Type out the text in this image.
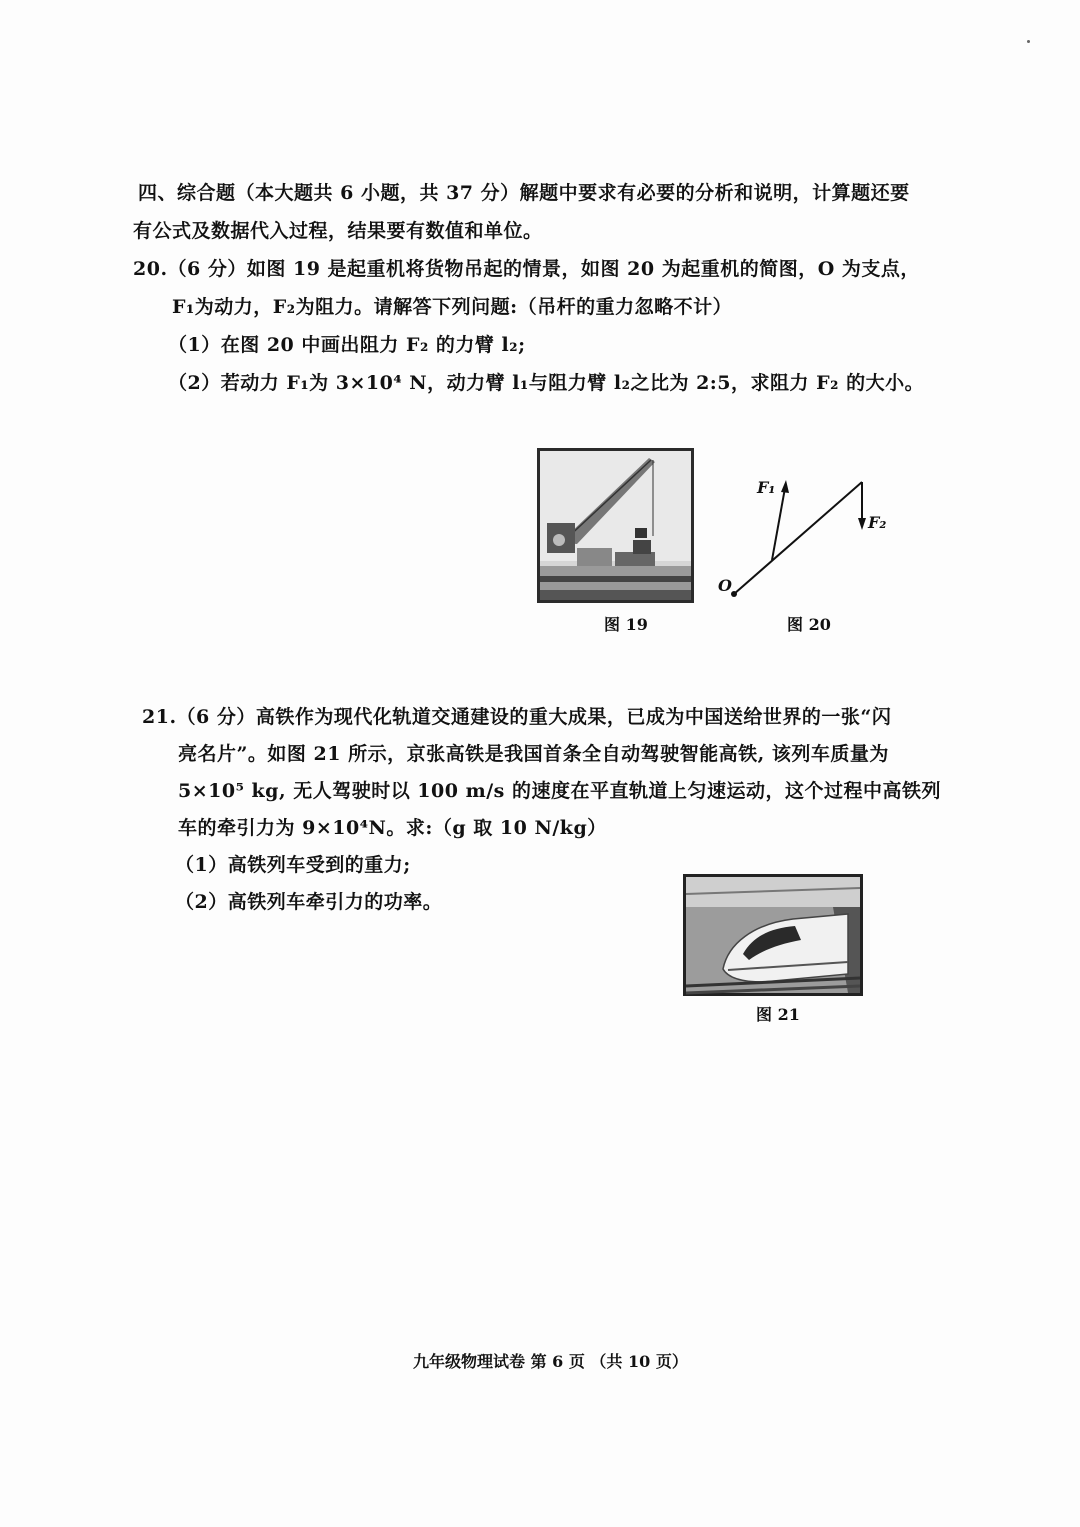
四、综合题（本大题共 6 小题，共 37 分）解题中要求有必要的分析和说明，计算题还要
有公式及数据代入过程，结果要有数值和单位。
20.（6 分）如图 19 是起重机将货物吊起的情景，如图 20 为起重机的简图，O 为支点，
F₁为动力，F₂为阻力。请解答下列问题:（吊杆的重力忽略不计）
（1）在图 20 中画出阻力 F₂ 的力臂 l₂;
（2）若动力 F₁为 3×10⁴ N，动力臂 l₁与阻力臂 l₂之比为 2:5，求阻力 F₂ 的大小。
图 19
F₁
F₂
O
图 20
21.（6 分）高铁作为现代化轨道交通建设的重大成果，已成为中国送给世界的一张“闪
亮名片”。如图 21 所示，京张高铁是我国首条全自动驾驶智能高铁, 该列车质量为
5×10⁵ kg, 无人驾驶时以 100 m/s 的速度在平直轨道上匀速运动，这个过程中高铁列
车的牵引力为 9×10⁴N。求:（g 取 10 N/kg）
（1）高铁列车受到的重力;
（2）高铁列车牵引力的功率。
图 21
九年级物理试卷 第 6 页 （共 10 页）
